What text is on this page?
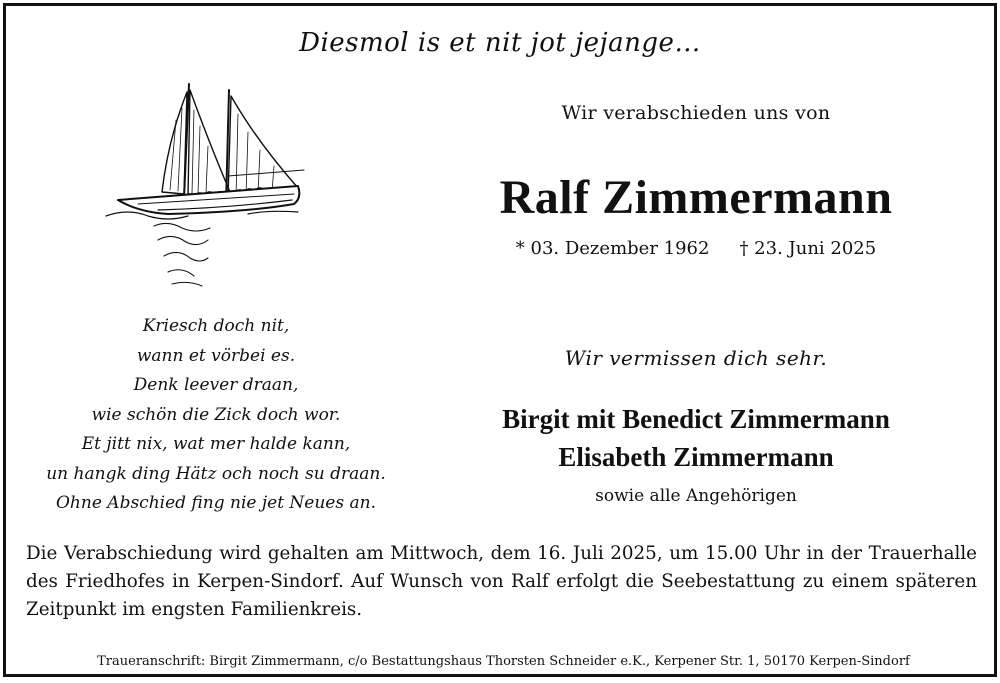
Diesmol is et nit jot jejange…
Wir verabschieden uns von
Ralf Zimmermann
* 03. Dezember 1962 † 23. Juni 2025
Kriesch doch nit,
wann et vörbei es.
Denk leever draan,
wie schön die Zick doch wor.
Et jitt nix, wat mer halde kann,
un hangk ding Hätz och noch su draan.
Ohne Abschied fing nie jet Neues an.
Wir vermissen dich sehr.
Birgit mit Benedict Zimmermann
Elisabeth Zimmermann
sowie alle Angehörigen
Die Verabschiedung wird gehalten am Mittwoch, dem 16. Juli 2025, um 15.00 Uhr in der Trauerhalle des Friedhofes in Kerpen-Sindorf. Auf Wunsch von Ralf erfolgt die Seebestattung zu einem späteren Zeitpunkt im engsten Familienkreis.
Traueranschrift: Birgit Zimmermann, c/o Bestattungshaus Thorsten Schneider e.K., Kerpener Str. 1, 50170 Kerpen-Sindorf
